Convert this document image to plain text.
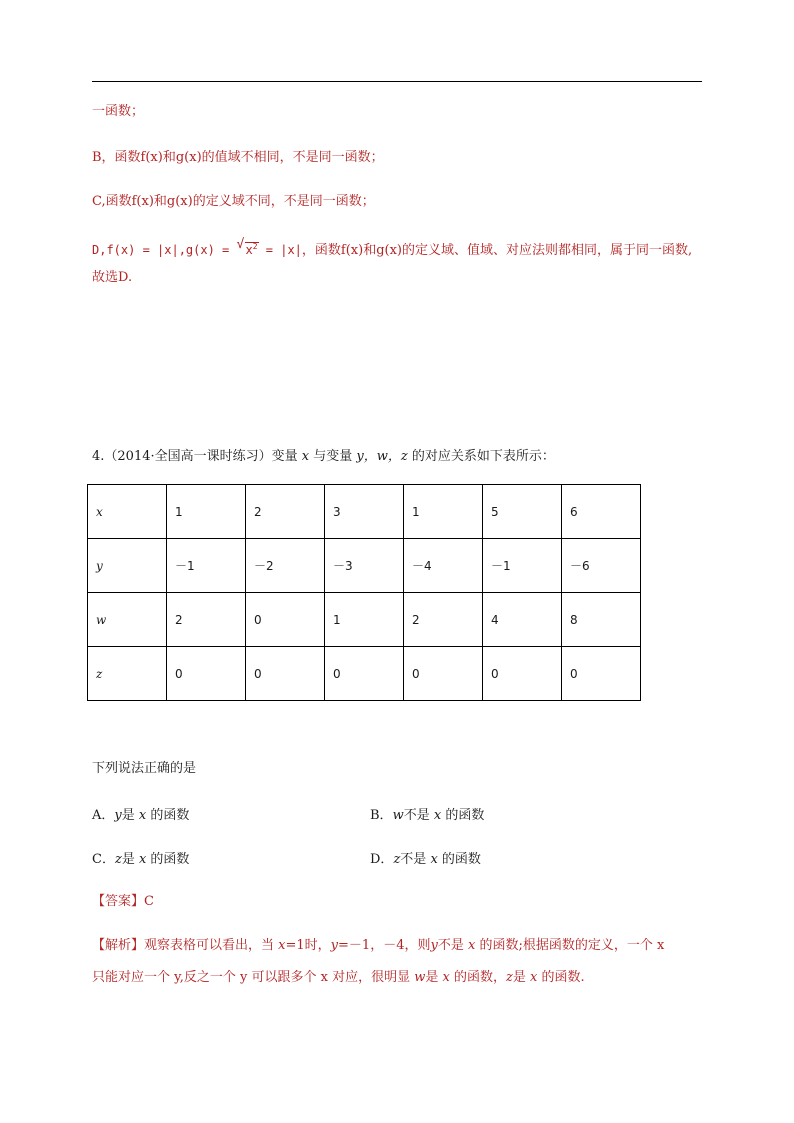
一函数；
B，函数f(x)和g(x)的值域不相同，不是同一函数；
C,函数f(x)和g(x)的定义域不同，不是同一函数；
D,f(x) = |x|,g(x) = √ $x^2 = |x|$，函数f(x)和g(x)的定义域、值域、对应法则都相同，属于同一函数,
故选D.
4.（2014·全国高一课时练习）变量 x 与变量 y，w，z 的对应关系如下表所示：
x	1	2	3	1	5	6
y	－1	－2	－3	－4	－1	－6
w	2	0	1	2	4	8
z	0	0	0	0	0	0
下列说法正确的是
A．y是 x 的函数	B．w不是 x 的函数
C．z是 x 的函数	D．z不是 x 的函数
【答案】C
【解析】观察表格可以看出，当 x=1时，y=－1，－4，则y不是 x 的函数;根据函数的定义，一个 x
只能对应一个 y,反之一个 y 可以跟多个 x 对应，很明显 w是 x 的函数，z是 x 的函数.
